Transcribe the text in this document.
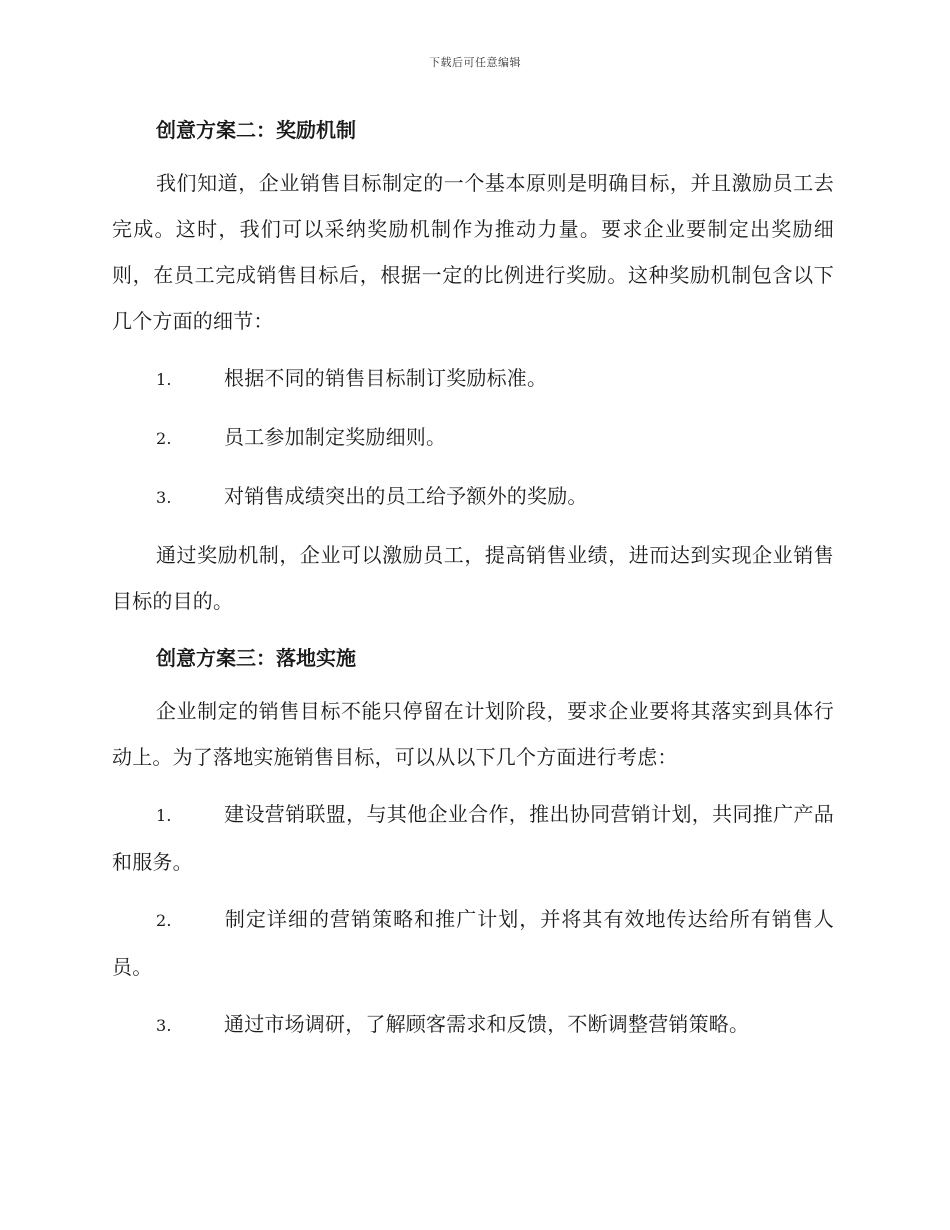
下载后可任意编辑
创意方案二：奖励机制

我们知道，企业销售目标制定的一个基本原则是明确目标，并且激励员工去完成。这时，我们可以采纳奖励机制作为推动力量。要求企业要制定出奖励细则，在员工完成销售目标后，根据一定的比例进行奖励。这种奖励机制包含以下几个方面的细节：

1.	根据不同的销售目标制订奖励标准。
2.	员工参加制定奖励细则。
3.	对销售成绩突出的员工给予额外的奖励。

通过奖励机制，企业可以激励员工，提高销售业绩，进而达到实现企业销售目标的目的。

创意方案三：落地实施

企业制定的销售目标不能只停留在计划阶段，要求企业要将其落实到具体行动上。为了落地实施销售目标，可以从以下几个方面进行考虑：

1.	建设营销联盟，与其他企业合作，推出协同营销计划，共同推广产品和服务。
2.	制定详细的营销策略和推广计划，并将其有效地传达给所有销售人员。
3.	通过市场调研，了解顾客需求和反馈，不断调整营销策略。
